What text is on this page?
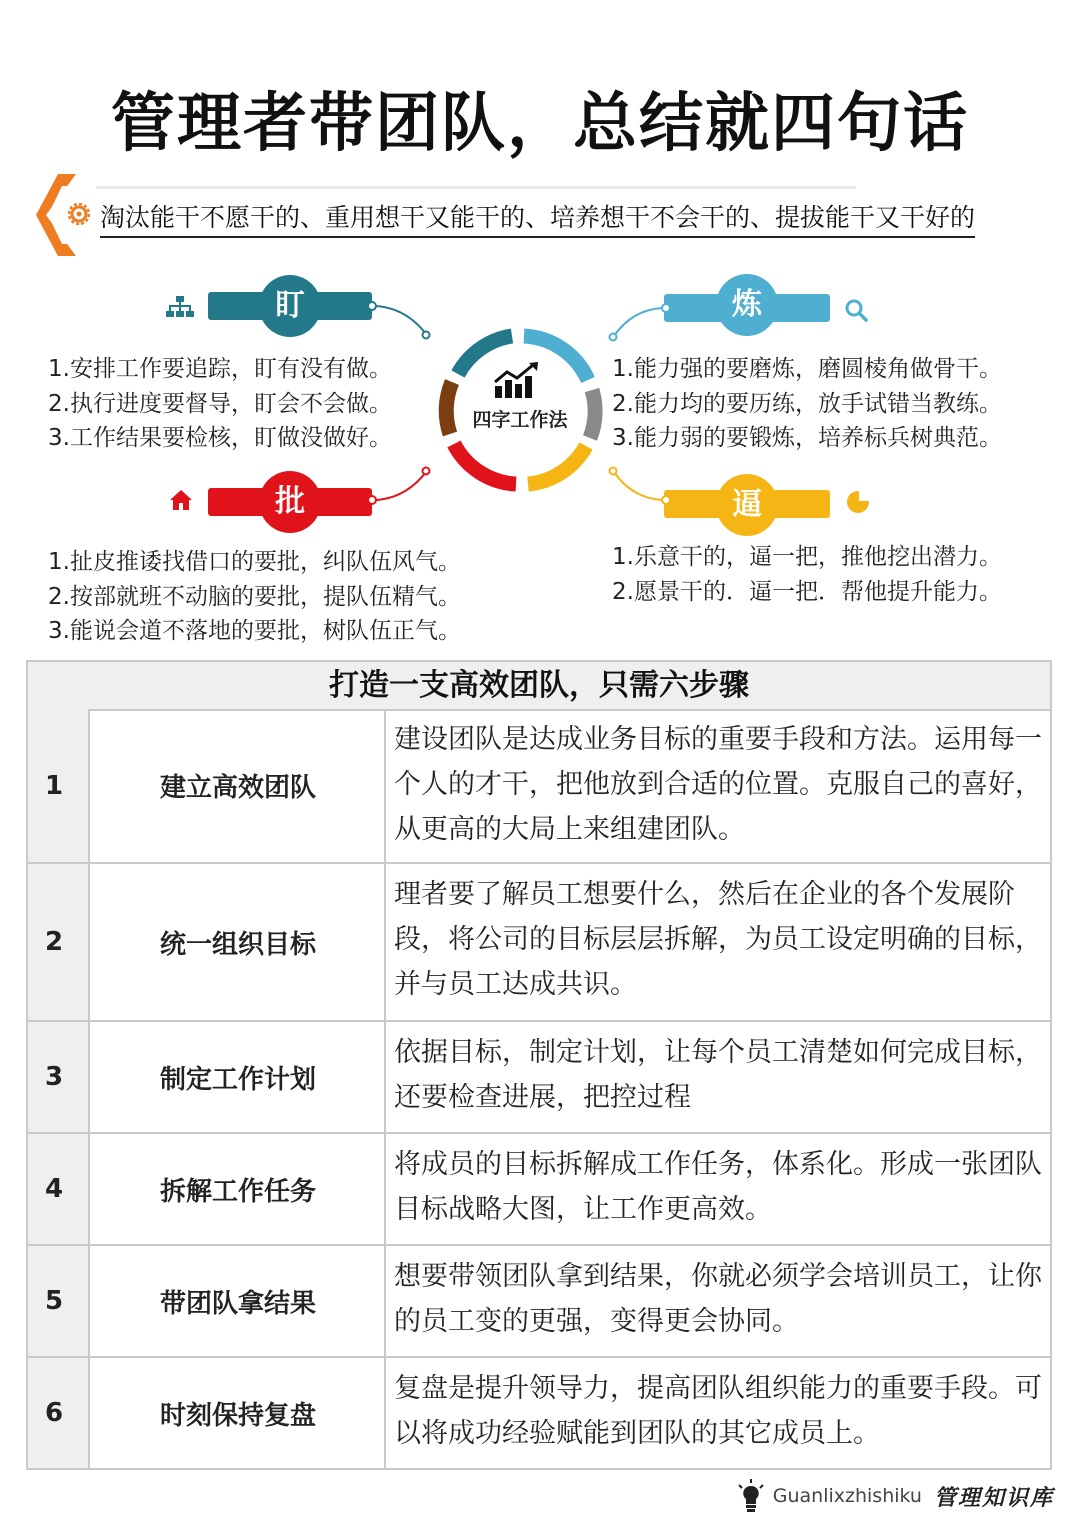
管理者带团队，总结就四句话
淘汰能干不愿干的、重用想干又能干的、培养想干不会干的、提拔能干又干好的
盯
1.安排工作要追踪，盯有没有做。
2.执行进度要督导，盯会不会做。
3.工作结果要检核，盯做没做好。
炼
1.能力强的要磨炼，磨圆棱角做骨干。
2.能力均的要历练，放手试错当教练。
3.能力弱的要锻炼，培养标兵树典范。
批
1.扯皮推诿找借口的要批，纠队伍风气。
2.按部就班不动脑的要批，提队伍精气。
3.能说会道不落地的要批，树队伍正气。
逼
1.乐意干的，逼一把，推他挖出潜力。
2.愿景干的．逼一把．帮他提升能力。
四字工作法
打造一支高效团队，只需六步骤
1	建立高效团队
建设团队是达成业务目标的重要手段和方法。运用每一个人的才干，把他放到合适的位置。克服自己的喜好，从更高的大局上来组建团队。
2	统一组织目标
理者要了解员工想要什么，然后在企业的各个发展阶段，将公司的目标层层拆解，为员工设定明确的目标，并与员工达成共识。
3	制定工作计划
依据目标，制定计划，让每个员工清楚如何完成目标，还要检查进展，把控过程
4	拆解工作任务
将成员的目标拆解成工作任务，体系化。形成一张团队目标战略大图，让工作更高效。
5	带团队拿结果
想要带领团队拿到结果，你就必须学会培训员工，让你的员工变的更强，变得更会协同。
6	时刻保持复盘
复盘是提升领导力，提高团队组织能力的重要手段。可以将成功经验赋能到团队的其它成员上。
Guanlixzhishiku 管理知识库
